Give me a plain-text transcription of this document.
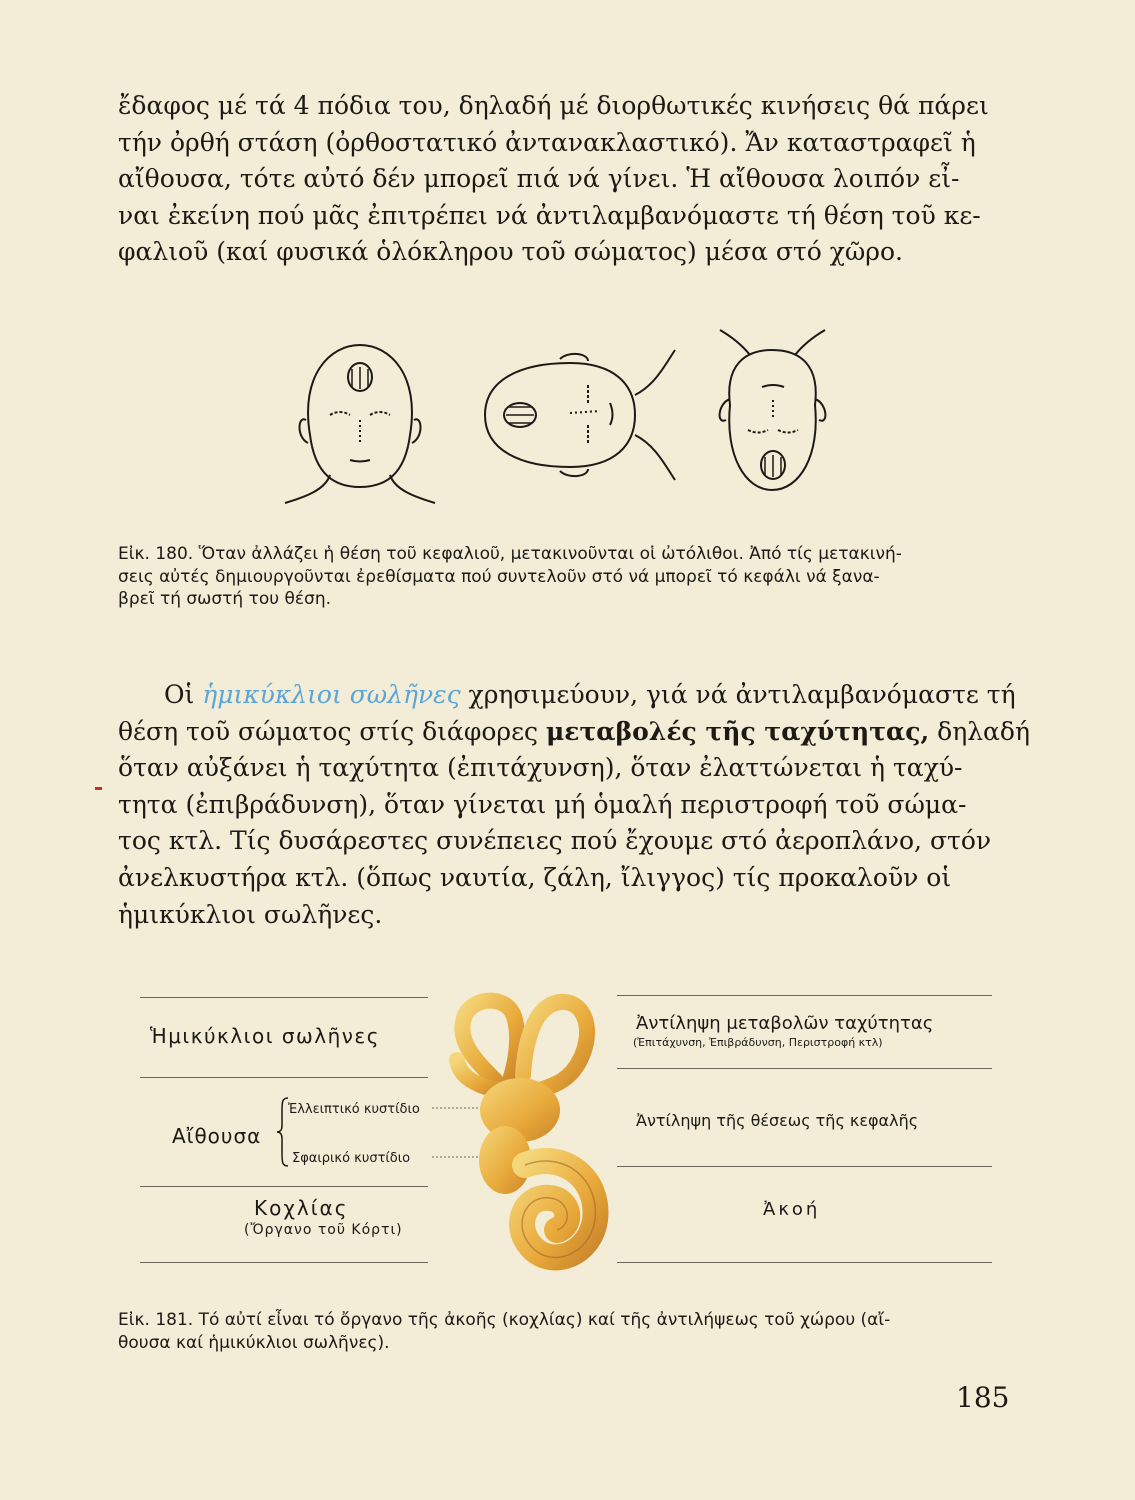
ἔδαφος μέ τά 4 πόδια του, δηλαδή μέ διορθωτικές κινήσεις θά πάρει
τήν ὀρθή στάση (ὀρθοστατικό ἀντανακλαστικό). Ἄν καταστραφεῖ ἡ
αἴθουσα, τότε αὐτό δέν μπορεῖ πιά νά γίνει. Ἡ αἴθουσα λοιπόν εἶ-
ναι ἐκείνη πού μᾶς ἐπιτρέπει νά ἀντιλαμβανόμαστε τή θέση τοῦ κε-
φαλιοῦ (καί φυσικά ὁλόκληρου τοῦ σώματος) μέσα στό χῶρο.
Εἰκ. 180. Ὅταν ἀλλάζει ἡ θέση τοῦ κεφαλιοῦ, μετακινοῦνται οἱ ὠτόλιθοι. Ἀπό τίς μετακινή-
σεις αὐτές δημιουργοῦνται ἐρεθίσματα πού συντελοῦν στό νά μπορεῖ τό κεφάλι νά ξανα-
βρεῖ τή σωστή του θέση.
Οἱ ἡμικύκλιοι σωλῆνες χρησιμεύουν, γιά νά ἀντιλαμβανόμαστε τή
θέση τοῦ σώματος στίς διάφορες μεταβολές τῆς ταχύτητας, δηλαδή
ὅταν αὐξάνει ἡ ταχύτητα (ἐπιτάχυνση), ὅταν ἐλαττώνεται ἡ ταχύ-
τητα (ἐπιβράδυνση), ὅταν γίνεται μή ὁμαλή περιστροφή τοῦ σώμα-
τος κτλ. Τίς δυσάρεστες συνέπειες πού ἔχουμε στό ἀεροπλάνο, στόν
ἀνελκυστήρα κτλ. (ὅπως ναυτία, ζάλη, ἴλιγγος) τίς προκαλοῦν οἱ
ἡμικύκλιοι σωλῆνες.
Ἡμικύκλιοι σωλῆνες
Αἴθουσα
Ἐλλειπτικό κυστίδιο
Σφαιρικό κυστίδιο
Κοχλίας
(Ὄργανο τοῦ Κόρτι)
Ἀντίληψη μεταβολῶν ταχύτητας
(Ἐπιτάχυνση, Ἐπιβράδυνση, Περιστροφή κτλ)
Ἀντίληψη τῆς θέσεως τῆς κεφαλῆς
Ἀκοή
Εἰκ. 181. Τό αὐτί εἶναι τό ὄργανο τῆς ἀκοῆς (κοχλίας) καί τῆς ἀντιλήψεως τοῦ χώρου (αἴ-
θουσα καί ἡμικύκλιοι σωλῆνες).
185
